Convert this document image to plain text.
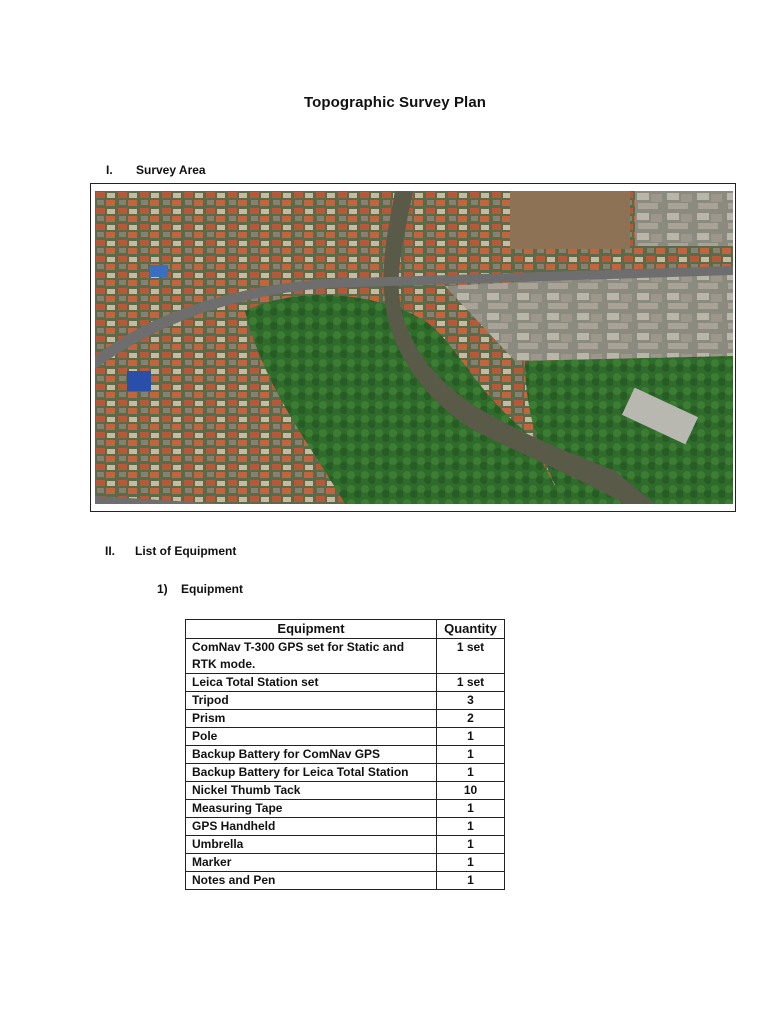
Topographic Survey Plan
I. Survey Area
II. List of Equipment
1) Equipment
Equipment	Quantity
ComNav T-300 GPS set for Static and RTK mode.	1 set
Leica Total Station set	1 set
Tripod	3
Prism	2
Pole	1
Backup Battery for ComNav GPS	1
Backup Battery for Leica Total Station	1
Nickel Thumb Tack	10
Measuring Tape	1
GPS Handheld	1
Umbrella	1
Marker	1
Notes and Pen	1
